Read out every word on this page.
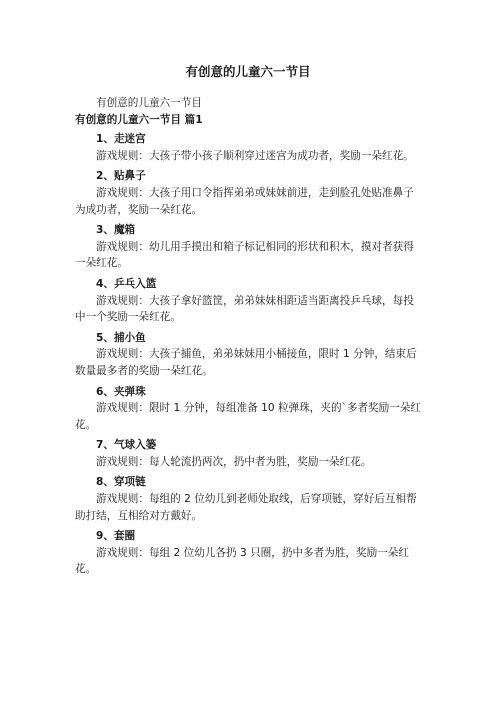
有创意的儿童六一节目

有创意的儿童六一节目

有创意的儿童六一节目 篇1

1、走迷宫

游戏规则：大孩子带小孩子顺利穿过迷宫为成功者，奖励一朵红花。

2、贴鼻子

游戏规则：大孩子用口令指挥弟弟或妹妹前进，走到脸孔处贴准鼻子为成功者，奖励一朵红花。

3、魔箱

游戏规则：幼儿用手摸出和箱子标记相同的形状和积木，摸对者获得一朵红花。

4、乒乓入篮

游戏规则：大孩子拿好篮筐，弟弟妹妹相距适当距离投乒乓球，每投中一个奖励一朵红花。

5、捕小鱼

游戏规则：大孩子捕鱼，弟弟妹妹用小桶接鱼，限时 1 分钟，结束后数量最多者的奖励一朵红花。

6、夹弹珠

游戏规则：限时 1 分钟，每组准备 10 粒弹珠，夹的`多者奖励一朵红花。

7、气球入篓

游戏规则：每人轮流扔两次，扔中者为胜，奖励一朵红花。

8、穿项链

游戏规则：每组的 2 位幼儿到老师处取线，后穿项链，穿好后互相帮助打结，互相给对方戴好。

9、套圈

游戏规则：每组 2 位幼儿各扔 3 只圈，扔中多者为胜，奖励一朵红花。
